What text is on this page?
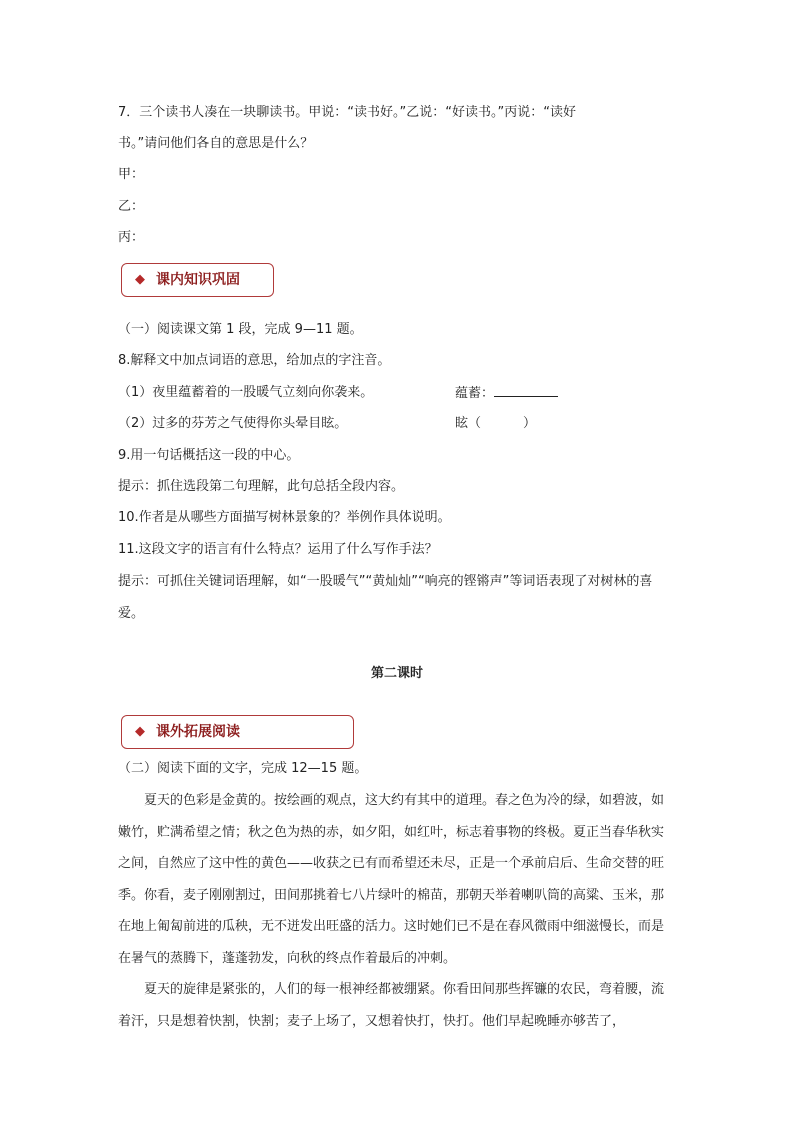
7．三个读书人凑在一块聊读书。甲说：“读书好。”乙说：“好读书。”丙说：“读好
书。”请问他们各自的意思是什么？
甲：
乙：
丙：
◆ 课内知识巩固
（一）阅读课文第 1 段，完成 9—11 题。
8.解释文中加点词语的意思，给加点的字注音。
（1）夜里蕴蓄着的一股暖气立刻向你袭来。	蕴蓄：
（2）过多的芬芳之气使得你头晕目眩。	眩（	）
9.用一句话概括这一段的中心。
提示：抓住选段第二句理解，此句总括全段内容。
10.作者是从哪些方面描写树林景象的？举例作具体说明。
11.这段文字的语言有什么特点？运用了什么写作手法？
提示：可抓住关键词语理解，如“一股暖气”“黄灿灿”“响亮的铿锵声”等词语表现了对树林的喜爱。
第二课时
◆ 课外拓展阅读
（二）阅读下面的文字，完成 12—15 题。
夏天的色彩是金黄的。按绘画的观点，这大约有其中的道理。春之色为冷的绿，如碧波，如嫩竹，贮满希望之情；秋之色为热的赤，如夕阳，如红叶，标志着事物的终极。夏正当春华秋实之间，自然应了这中性的黄色——收获之已有而希望还未尽，正是一个承前启后、生命交替的旺季。你看，麦子刚刚割过，田间那挑着七八片绿叶的棉苗，那朝天举着喇叭筒的高粱、玉米，那在地上匍匐前进的瓜秧，无不迸发出旺盛的活力。这时她们已不是在春风微雨中细滋慢长，而是在暑气的蒸腾下，蓬蓬勃发，向秋的终点作着最后的冲刺。
夏天的旋律是紧张的，人们的每一根神经都被绷紧。你看田间那些挥镰的农民，弯着腰，流着汗，只是想着快割，快割；麦子上场了，又想着快打，快打。他们早起晚睡亦够苦了，
